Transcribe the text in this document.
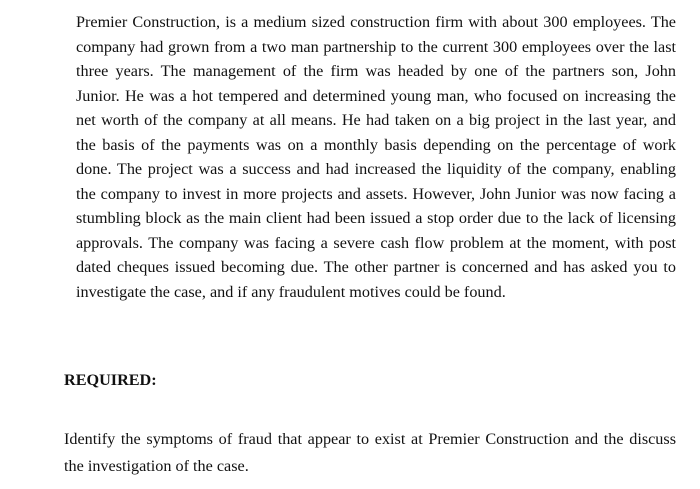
Premier Construction, is a medium sized construction firm with about 300 employees. The
company had grown from a two man partnership to the current 300 employees over the last
three years. The management of the firm was headed by one of the partners son, John
Junior. He was a hot tempered and determined young man, who focused on increasing the
net worth of the company at all means. He had taken on a big project in the last year, and
the basis of the payments was on a monthly basis depending on the percentage of work
done. The project was a success and had increased the liquidity of the company, enabling
the company to invest in more projects and assets. However, John Junior was now facing a
stumbling block as the main client had been issued a stop order due to the lack of licensing
approvals. The company was facing a severe cash flow problem at the moment, with post
dated cheques issued becoming due. The other partner is concerned and has asked you to
investigate the case, and if any fraudulent motives could be found.

REQUIRED:

Identify the symptoms of fraud that appear to exist at Premier Construction and the discuss
the investigation of the case.
